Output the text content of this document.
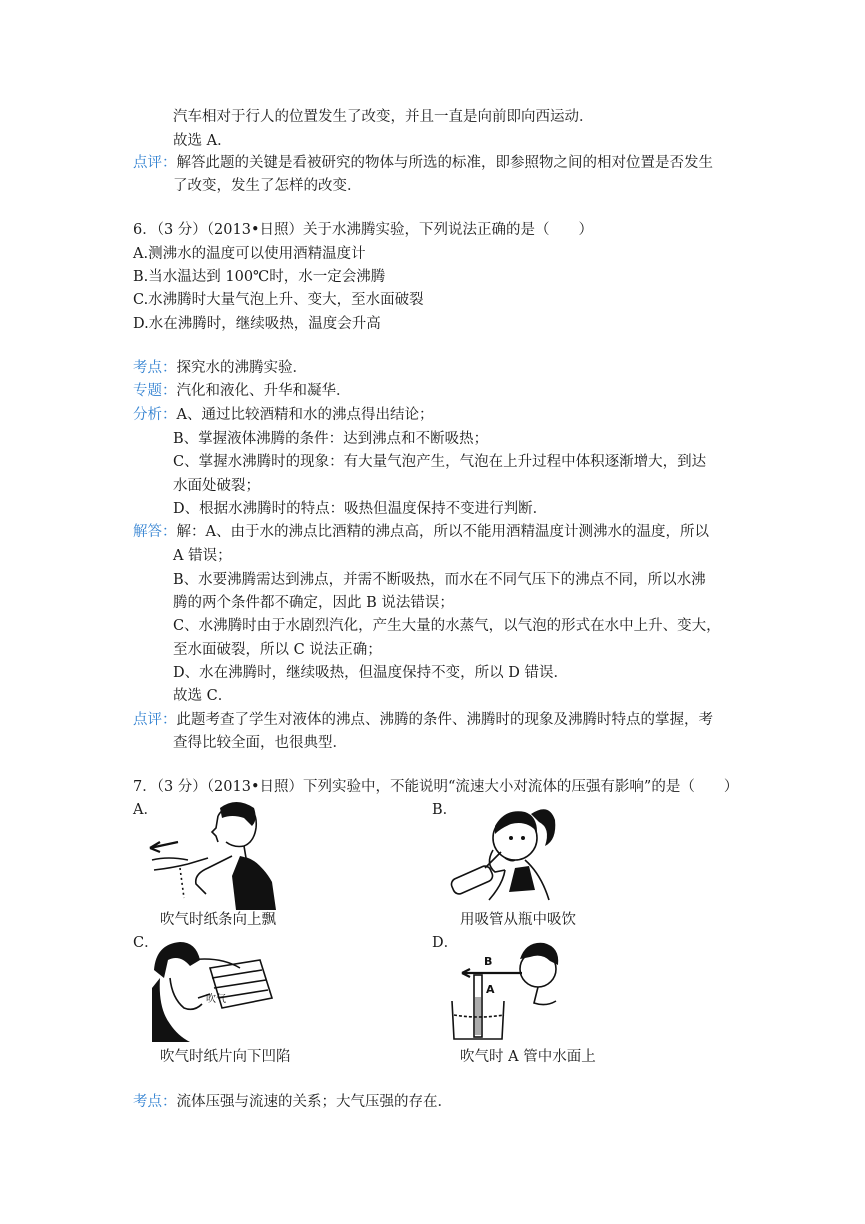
汽车相对于行人的位置发生了改变，并且一直是向前即向西运动．
故选 A．
点评：解答此题的关键是看被研究的物体与所选的标准，即参照物之间的相对位置是否发生
了改变，发生了怎样的改变．
6．（3 分）（2013•日照）关于水沸腾实验，下列说法正确的是（　　）
A.测沸水的温度可以使用酒精温度计
B.当水温达到 100℃时，水一定会沸腾
C.水沸腾时大量气泡上升、变大，至水面破裂
D.水在沸腾时，继续吸热，温度会升高
考点：探究水的沸腾实验．
专题：汽化和液化、升华和凝华．
分析：A、通过比较酒精和水的沸点得出结论；
B、掌握液体沸腾的条件：达到沸点和不断吸热；
C、掌握水沸腾时的现象：有大量气泡产生，气泡在上升过程中体积逐渐增大，到达
水面处破裂；
D、根据水沸腾时的特点：吸热但温度保持不变进行判断．
解答：解：A、由于水的沸点比酒精的沸点高，所以不能用酒精温度计测沸水的温度，所以
A 错误；
B、水要沸腾需达到沸点，并需不断吸热，而水在不同气压下的沸点不同，所以水沸
腾的两个条件都不确定，因此 B 说法错误；
C、水沸腾时由于水剧烈汽化，产生大量的水蒸气，以气泡的形式在水中上升、变大，
至水面破裂，所以 C 说法正确；
D、水在沸腾时，继续吸热，但温度保持不变，所以 D 错误．
故选 C．
点评：此题考查了学生对液体的沸点、沸腾的条件、沸腾时的现象及沸腾时特点的掌握，考
查得比较全面，也很典型．
7．（3 分）（2013•日照）下列实验中，不能说明“流速大小对流体的压强有影响”的是（　　）
A．	B．
吹气时纸条向上飘	用吸管从瓶中吸饮
C．	D．
吹气
B
A
吹气时纸片向下凹陷	吹气时 A 管中水面上
考点：流体压强与流速的关系；大气压强的存在．
